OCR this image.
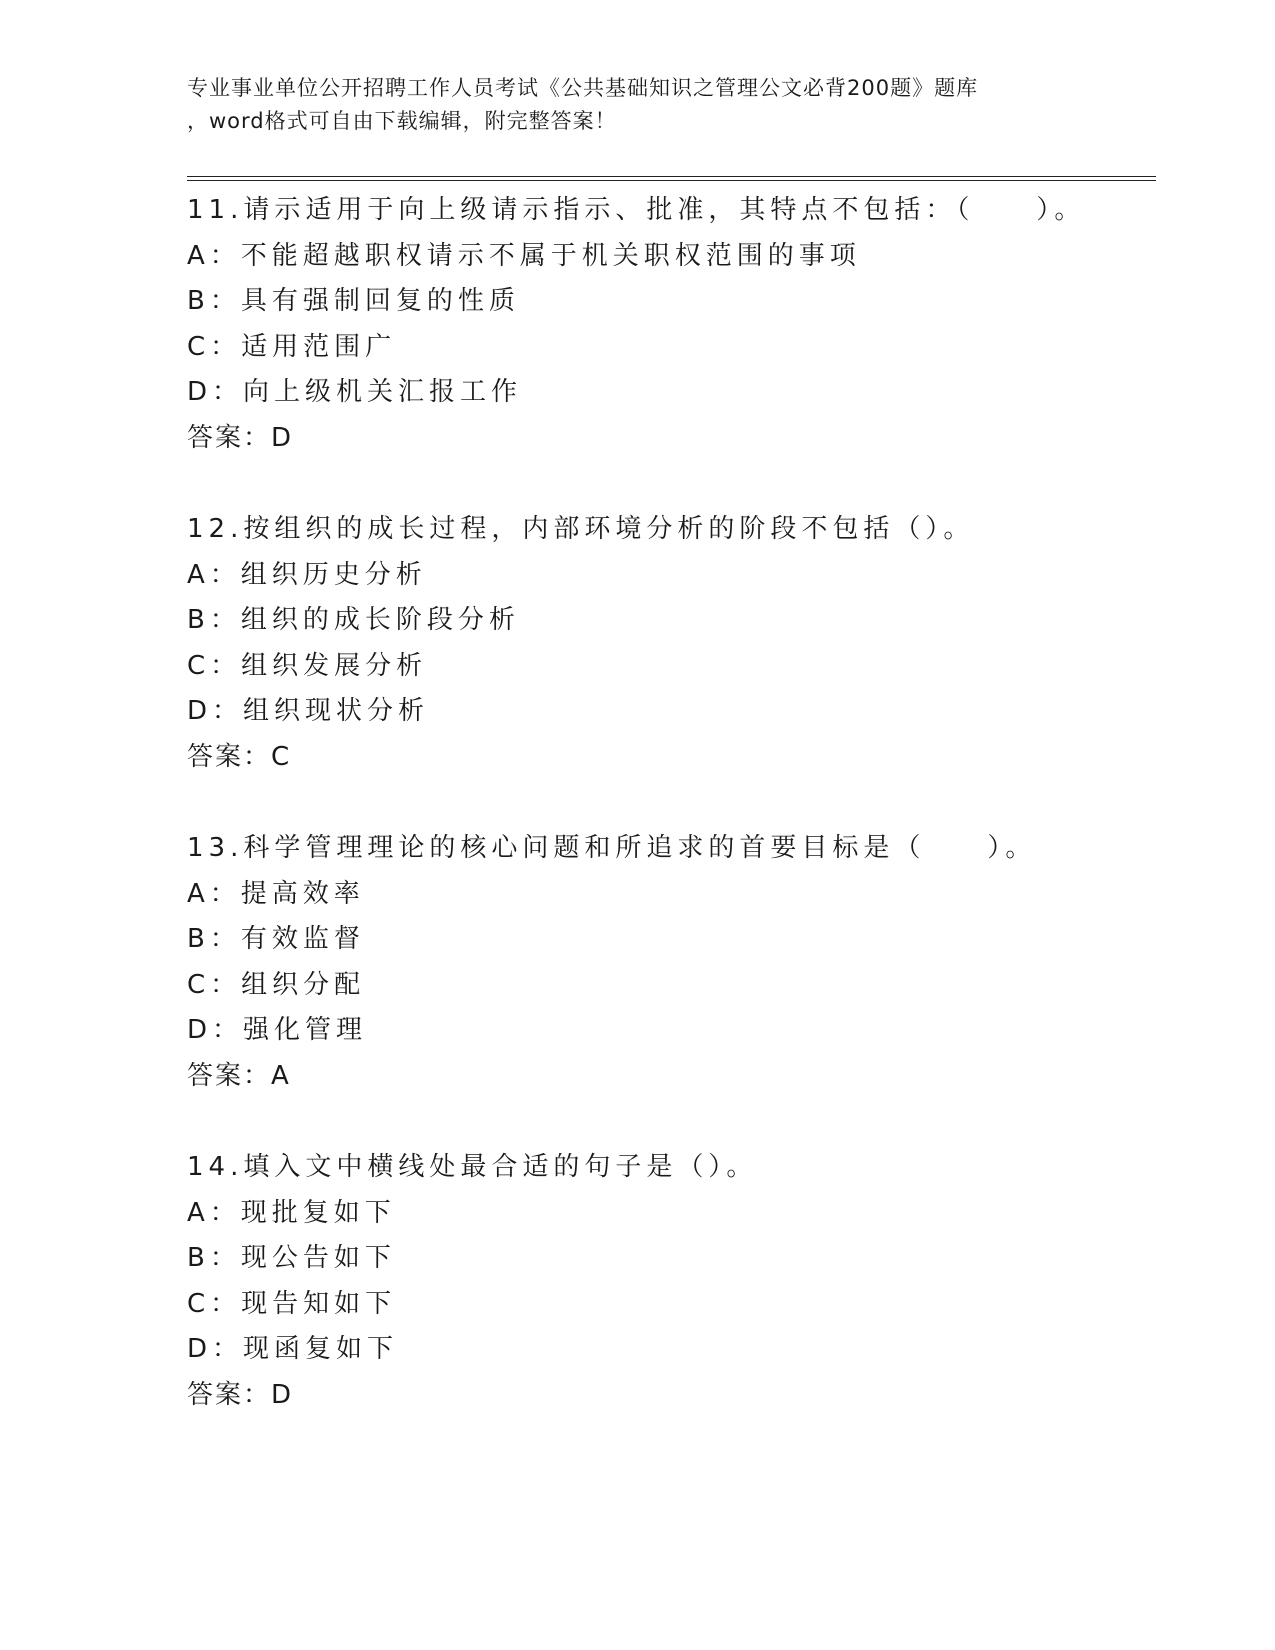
专业事业单位公开招聘工作人员考试《公共基础知识之管理公文必背200题》题库
，word格式可自由下载编辑，附完整答案！
11.请示适用于向上级请示指示、批准，其特点不包括：（　　）。
A：不能超越职权请示不属于机关职权范围的事项
B：具有强制回复的性质
C：适用范围广
D：向上级机关汇报工作
答案：D
12.按组织的成长过程，内部环境分析的阶段不包括（）。
A：组织历史分析
B：组织的成长阶段分析
C：组织发展分析
D：组织现状分析
答案：C
13.科学管理理论的核心问题和所追求的首要目标是（　　）。
A：提高效率
B：有效监督
C：组织分配
D：强化管理
答案：A
14.填入文中横线处最合适的句子是（）。
A：现批复如下
B：现公告如下
C：现告知如下
D：现函复如下
答案：D
